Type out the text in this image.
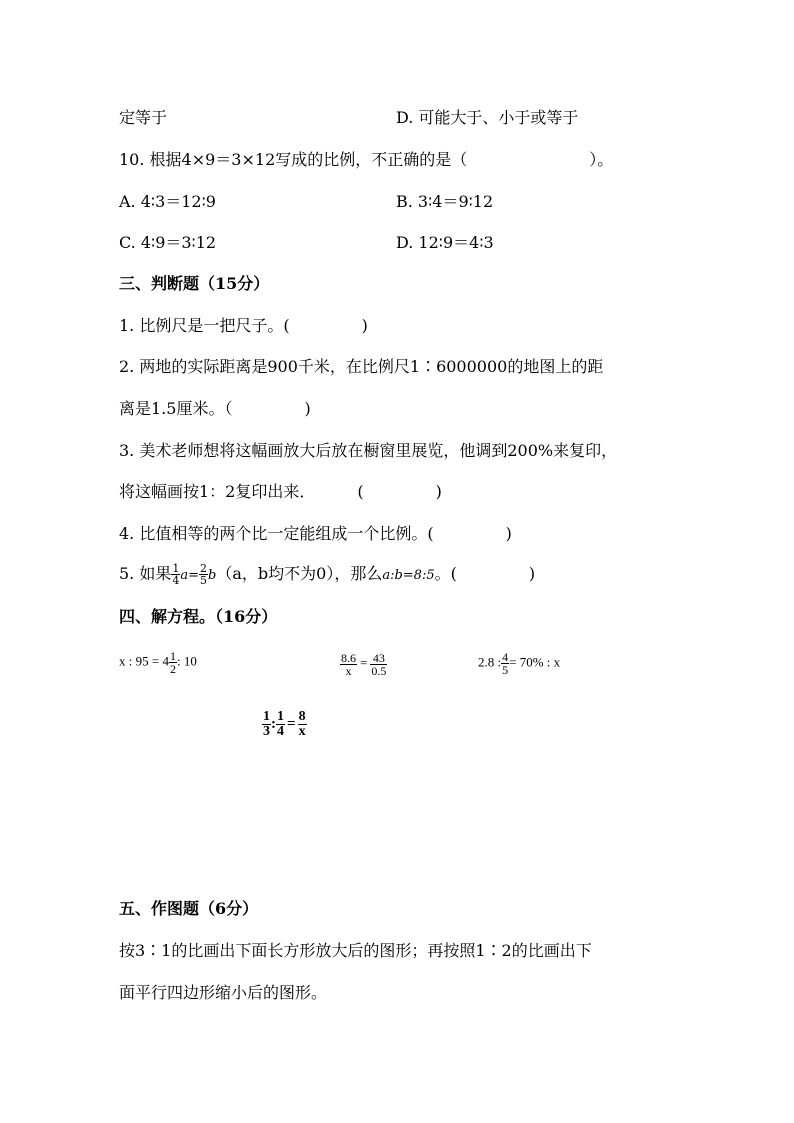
定等于	D. 可能大于、小于或等于
10. 根据4×9＝3×12写成的比例，不正确的是（	）。
A. 4∶3＝12∶9	B. 3∶4＝9∶12
C. 4∶9＝3∶12	D. 12∶9＝4∶3
三、判断题（15分）
1. 比例尺是一把尺子。(	)
2. 两地的实际距离是900千米，在比例尺1∶6000000的地图上的距
离是1.5厘米。（	)
3. 美术老师想将这幅画放大后放在橱窗里展览，他调到200%来复印，
将这幅画按1：2复印出来．	(	)
4. 比值相等的两个比一定能组成一个比例。(	)
5. 如果 $\frac{1}{4} a= \frac{2}{5} b(a$，b均不为0），那么a:b=8:5。(	)
四、解方程。（16分）
x : $95 = 4 \frac{1}{2}$ : 10	$\frac{8.6}{x} = \frac{43}{0.5}$	2.8 : $\frac{4}{5} = 70\%$ : x
$\frac{1}{3}$ : $\frac{1}{4} = \frac{8}{x}$
五、作图题（6分）
按3∶1的比画出下面长方形放大后的图形；再按照1∶2的比画出下
面平行四边形缩小后的图形。
